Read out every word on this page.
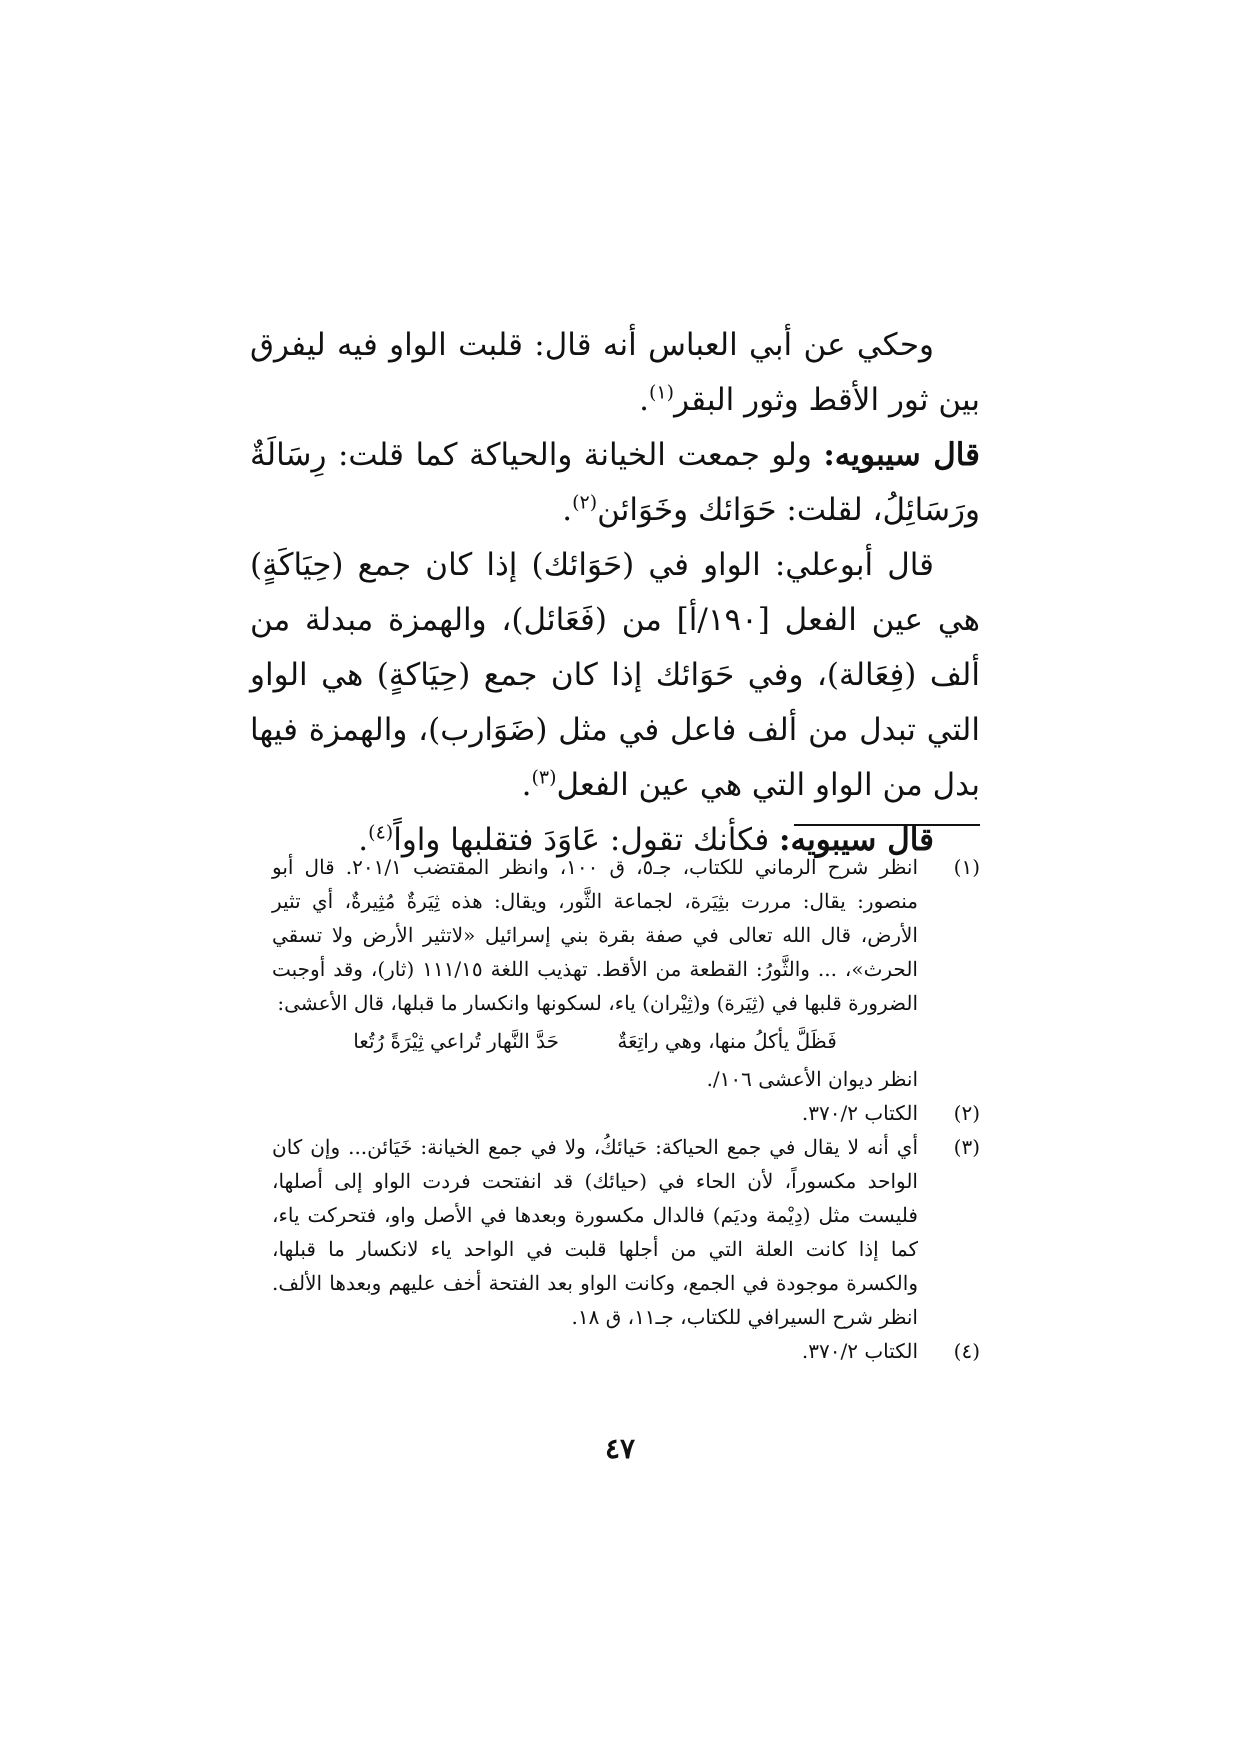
وحكي عن أبي العباس أنه قال: قلبت الواو فيه ليفرق بين ثور الأقط وثور البقر$^{(١)}$.

قال سيبويه: ولو جمعت الخيانة والحياكة كما قلت: رِسَالَةٌ ورَسَائِلُ، لقلت: حَوَائك وخَوَائن$^{(٢)}$.

قال أبوعلي: الواو في (حَوَائك) إذا كان جمع (حِيَاكَةٍ) هي عين الفعل [١٩٠/أ] من (فَعَائل)، والهمزة مبدلة من ألف (فِعَالة)، وفي حَوَائك إذا كان جمع (حِيَاكةٍ) هي الواو التي تبدل من ألف فاعل في مثل (ضَوَارب)، والهمزة فيها بدل من الواو التي هي عين الفعل$^{(٣)}$.

قال سيبويه: فكأنك تقول: عَاوَدَ فتقلبها واواً$^{(٤)}$.

(١)

انظر شرح الرماني للكتاب، جـ٥، ق ١٠٠، وانظر المقتضب ٢٠١/١. قال أبو منصور: يقال: مررت بثِيَرة، لجماعة الثَّور، ويقال: هذه ثِيَرةٌ مُثِيرةٌ، أي تثير الأرض، قال الله تعالى في صفة بقرة بني إسرائيل «لاتثير الأرض ولا تسقي الحرث»، ... والثَّورُ: القطعة من الأقط. تهذيب اللغة ١١١/١٥ (ثار)، وقد أوجبت الضرورة قلبها في (ثِيَرة) و(ثِيْران) ياء، لسكونها وانكسار ما قبلها، قال الأعشى:

فَظَلَّ يأكلُ منها، وهي راتِعَةٌ حَدَّ النَّهار تُراعي ثِيْرَةً رُتُعا

انظر ديوان الأعشى ١٠٦/.

(٢)
الكتاب ٣٧٠/٢.
(٣)
أي أنه لا يقال في جمع الحياكة: حَيائكُ، ولا في جمع الخيانة: خَيَائن... وإن كان الواحد مكسوراً، لأن الحاء في (حيائك) قد انفتحت فردت الواو إلى أصلها، فليست مثل (دِيْمة وديَم) فالدال مكسورة وبعدها في الأصل واو، فتحركت ياء، كما إذا كانت العلة التي من أجلها قلبت في الواحد ياء لانكسار ما قبلها، والكسرة موجودة في الجمع، وكانت الواو بعد الفتحة أخف عليهم وبعدها الألف. انظر شرح السيرافي للكتاب، جـ١١، ق ١٨.
(٤)
الكتاب ٣٧٠/٢.
٤٧
